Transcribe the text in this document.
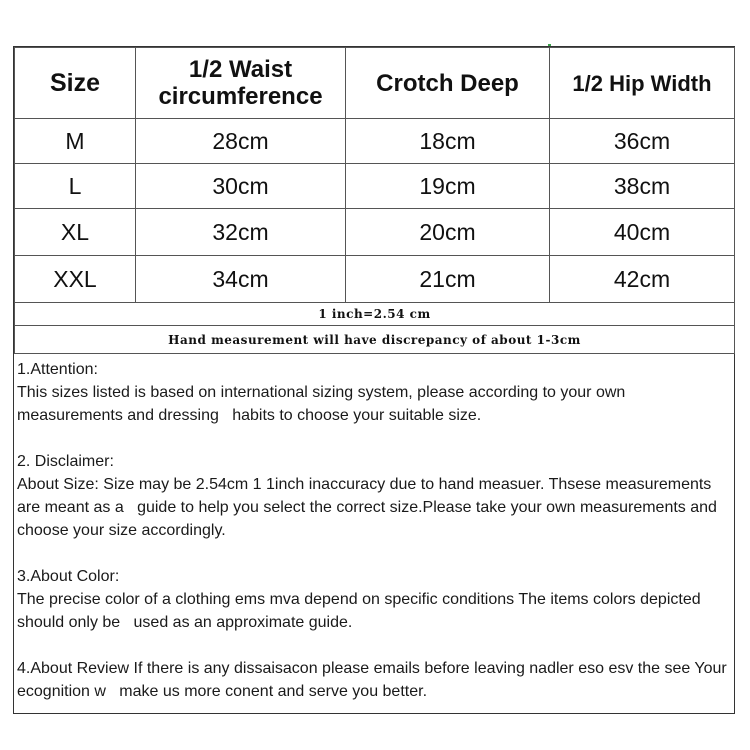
Size	1/2 Waist circumference	Crotch Deep	1/2 Hip Width
M	28cm	18cm	36cm
L	30cm	19cm	38cm
XL	32cm	20cm	40cm
XXL	34cm	21cm	42cm
1 inch=2.54 cm			
Hand measurement will have discrepancy of about 1-3cm			

1.Attention:

This sizes listed is based on international sizing system, please according to your own measurements and dressing   habits to choose your suitable size.

2. Disclaimer:

About Size: Size may be 2.54cm 1 1inch inaccuracy due to hand measuer. Thsese measurements are meant as a   guide to help you select the correct size.Please take your own measurements and choose your size accordingly.

3.About Color:

The precise color of a clothing ems mva depend on specific conditions The items colors depicted should only be   used as an approximate guide.

4.About Review If there is any dissaisacon please emails before leaving nadler eso esv the see Your ecognition w   make us more conent and serve you better.
